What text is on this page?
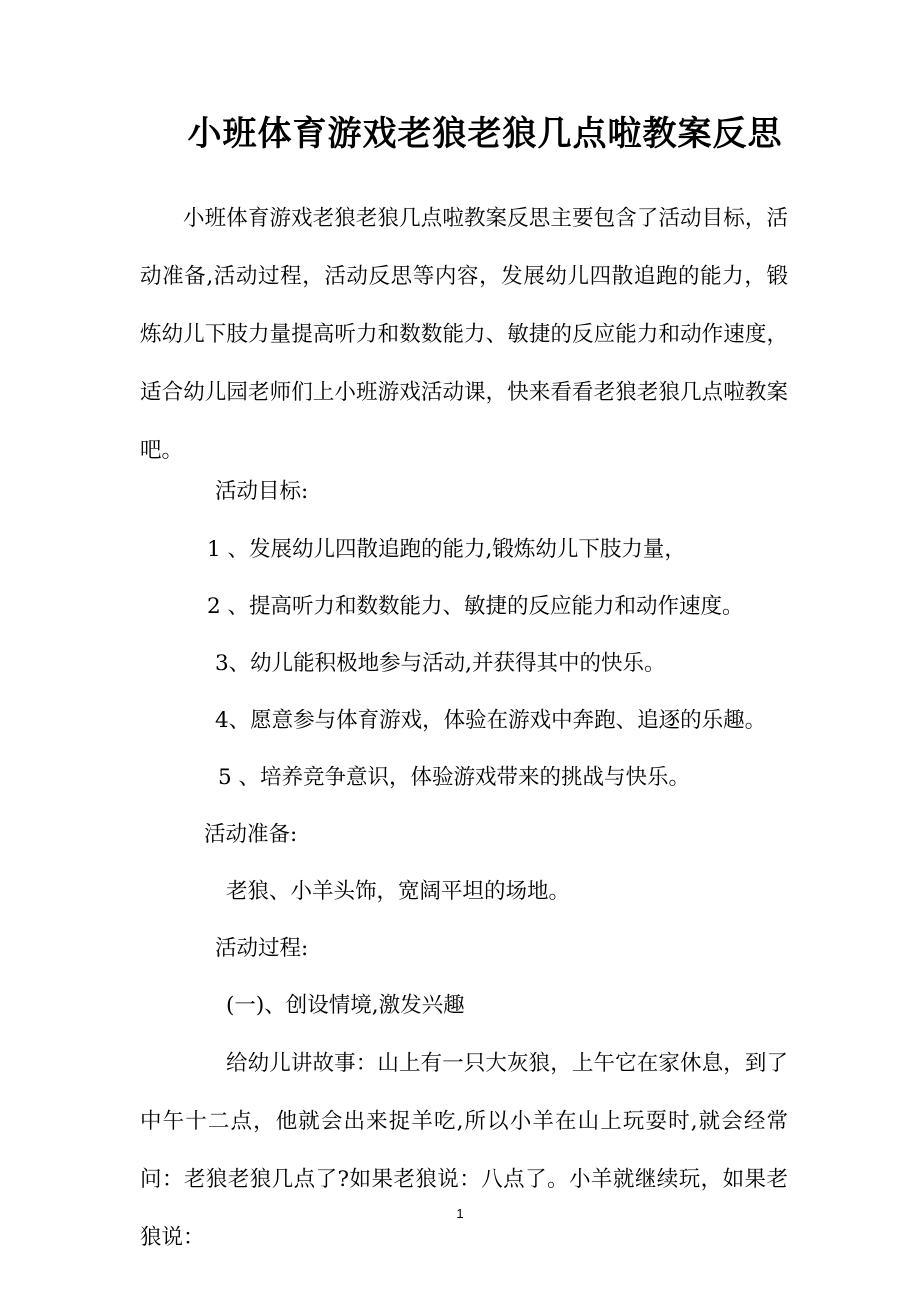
小班体育游戏老狼老狼几点啦教案反思

小班体育游戏老狼老狼几点啦教案反思主要包含了活动目标，活动准备,活动过程，活动反思等内容，发展幼儿四散追跑的能力，锻炼幼儿下肢力量提高听力和数数能力、敏捷的反应能力和动作速度，适合幼儿园老师们上小班游戏活动课，快来看看老狼老狼几点啦教案吧。

活动目标:
1 、发展幼儿四散追跑的能力,锻炼幼儿下肢力量，
2 、提高听力和数数能力、敏捷的反应能力和动作速度。
3、幼儿能积极地参与活动,并获得其中的快乐。
4、愿意参与体育游戏，体验在游戏中奔跑、追逐的乐趣。
5 、培养竞争意识，体验游戏带来的挑战与快乐。
活动准备:
老狼、小羊头饰，宽阔平坦的场地。
活动过程:
(一)、创设情境,激发兴趣

给幼儿讲故事：山上有一只大灰狼，上午它在家休息，到了中午十二点，他就会出来捉羊吃,所以小羊在山上玩耍时,就会经常问：老狼老狼几点了?如果老狼说：八点了。小羊就继续玩，如果老狼说：

1
